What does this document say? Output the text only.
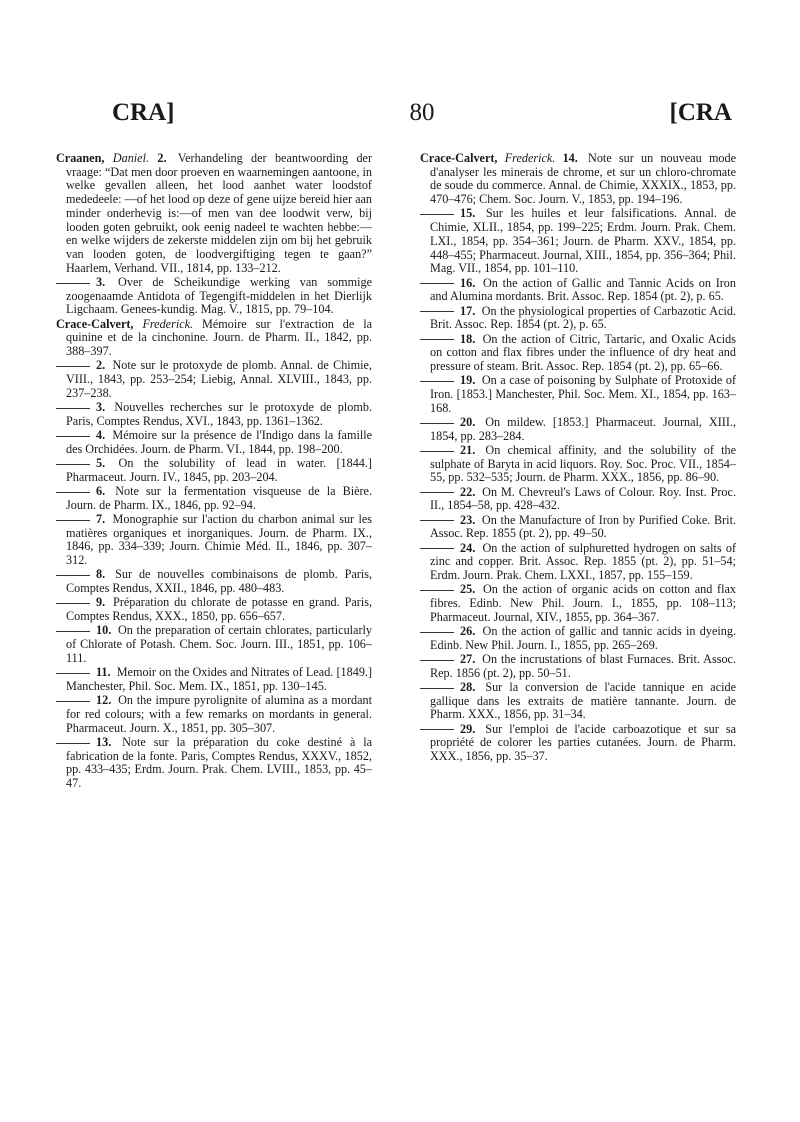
CRA]	80	[CRA

Craanen, Daniel. 2. Verhandeling der beantwoording der vraage: “Dat men door proeven en waarnemingen aantoone, in welke gevallen alleen, het lood aanhet water loodstof mededeele: —of het lood op deze of gene uijze bereid hier aan minder onderhevig is:—of men van dee loodwit verw, bij looden goten gebruikt, ook eenig nadeel te wachten hebbe:—en welke wijders de zekerste middelen zijn om bij het gebruik van looden goten, de loodvergiftiging tegen te gaan?” Haarlem, Verhand. VII., 1814, pp. 133–212.

3. Over de Scheikundige werking van sommige zoogenaamde Antidota of Tegengift-middelen in het Dierlijk Ligchaam. Genees-kundig. Mag. V., 1815, pp. 79–104.

Crace-Calvert, Frederick. Mémoire sur l'extraction de la quinine et de la cinchonine. Journ. de Pharm. II., 1842, pp. 388–397.

2. Note sur le protoxyde de plomb. Annal. de Chimie, VIII., 1843, pp. 253–254; Liebig, Annal. XLVIII., 1843, pp. 237–238.

3. Nouvelles recherches sur le protoxyde de plomb. Paris, Comptes Rendus, XVI., 1843, pp. 1361–1362.

4. Mémoire sur la présence de l'Indigo dans la famille des Orchidées. Journ. de Pharm. VI., 1844, pp. 198–200.

5. On the solubility of lead in water. [1844.] Pharmaceut. Journ. IV., 1845, pp. 203–204.

6. Note sur la fermentation visqueuse de la Bière. Journ. de Pharm. IX., 1846, pp. 92–94.

7. Monographie sur l'action du charbon animal sur les matières organiques et inorganiques. Journ. de Pharm. IX., 1846, pp. 334–339; Journ. Chimie Méd. II., 1846, pp. 307–312.

8. Sur de nouvelles combinaisons de plomb. Paris, Comptes Rendus, XXII., 1846, pp. 480–483.

9. Préparation du chlorate de potasse en grand. Paris, Comptes Rendus, XXX., 1850, pp. 656–657.

10. On the preparation of certain chlorates, particularly of Chlorate of Potash. Chem. Soc. Journ. III., 1851, pp. 106–111.

11. Memoir on the Oxides and Nitrates of Lead. [1849.] Manchester, Phil. Soc. Mem. IX., 1851, pp. 130–145.

12. On the impure pyrolignite of alumina as a mordant for red colours; with a few remarks on mordants in general. Pharmaceut. Journ. X., 1851, pp. 305–307.

13. Note sur la préparation du coke destiné à la fabrication de la fonte. Paris, Comptes Rendus, XXXV., 1852, pp. 433–435; Erdm. Journ. Prak. Chem. LVIII., 1853, pp. 45–47.

Crace-Calvert, Frederick. 14. Note sur un nouveau mode d'analyser les minerais de chrome, et sur un chloro-chromate de soude du commerce. Annal. de Chimie, XXXIX., 1853, pp. 470–476; Chem. Soc. Journ. V., 1853, pp. 194–196.

15. Sur les huiles et leur falsifications. Annal. de Chimie, XLII., 1854, pp. 199–225; Erdm. Journ. Prak. Chem. LXI., 1854, pp. 354–361; Journ. de Pharm. XXV., 1854, pp. 448–455; Pharmaceut. Journal, XIII., 1854, pp. 356–364; Phil. Mag. VII., 1854, pp. 101–110.

16. On the action of Gallic and Tannic Acids on Iron and Alumina mordants. Brit. Assoc. Rep. 1854 (pt. 2), p. 65.

17. On the physiological properties of Carbazotic Acid. Brit. Assoc. Rep. 1854 (pt. 2), p. 65.

18. On the action of Citric, Tartaric, and Oxalic Acids on cotton and flax fibres under the influence of dry heat and pressure of steam. Brit. Assoc. Rep. 1854 (pt. 2), pp. 65–66.

19. On a case of poisoning by Sulphate of Protoxide of Iron. [1853.] Manchester, Phil. Soc. Mem. XI., 1854, pp. 163–168.

20. On mildew. [1853.] Pharmaceut. Journal, XIII., 1854, pp. 283–284.

21. On chemical affinity, and the solubility of the sulphate of Baryta in acid liquors. Roy. Soc. Proc. VII., 1854–55, pp. 532–535; Journ. de Pharm. XXX., 1856, pp. 86–90.

22. On M. Chevreul's Laws of Colour. Roy. Inst. Proc. II., 1854–58, pp. 428–432.

23. On the Manufacture of Iron by Purified Coke. Brit. Assoc. Rep. 1855 (pt. 2), pp. 49–50.

24. On the action of sulphuretted hydrogen on salts of zinc and copper. Brit. Assoc. Rep. 1855 (pt. 2), pp. 51–54; Erdm. Journ. Prak. Chem. LXXI., 1857, pp. 155–159.

25. On the action of organic acids on cotton and flax fibres. Edinb. New Phil. Journ. I., 1855, pp. 108–113; Pharmaceut. Journal, XIV., 1855, pp. 364–367.

26. On the action of gallic and tannic acids in dyeing. Edinb. New Phil. Journ. I., 1855, pp. 265–269.

27. On the incrustations of blast Furnaces. Brit. Assoc. Rep. 1856 (pt. 2), pp. 50–51.

28. Sur la conversion de l'acide tannique en acide gallique dans les extraits de matière tannante. Journ. de Pharm. XXX., 1856, pp. 31–34.

29. Sur l'emploi de l'acide carboazotique et sur sa propriété de colorer les parties cutanées. Journ. de Pharm. XXX., 1856, pp. 35–37.
